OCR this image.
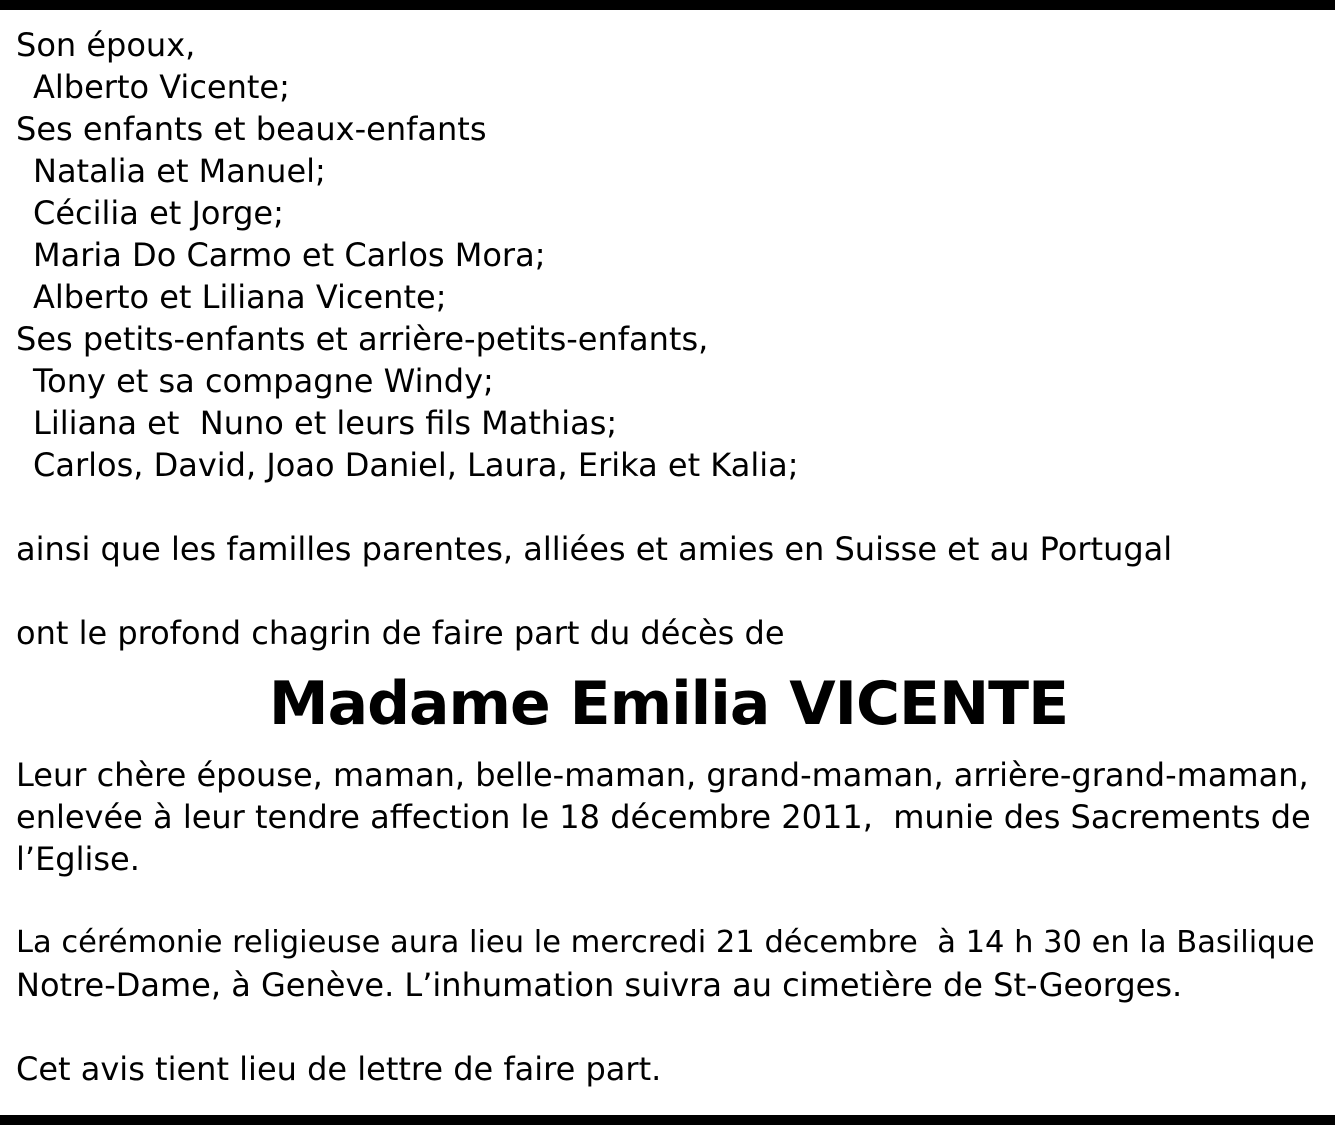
Son époux,
Alberto Vicente;
Ses enfants et beaux-enfants
Natalia et Manuel;
Cécilia et Jorge;
Maria Do Carmo et Carlos Mora;
Alberto et Liliana Vicente;
Ses petits-enfants et arrière-petits-enfants,
Tony et sa compagne Windy;
Liliana et  Nuno et leurs fils Mathias;
Carlos, David, Joao Daniel, Laura, Erika et Kalia;
ainsi que les familles parentes, alliées et amies en Suisse et au Portugal
ont le profond chagrin de faire part du décès de
Madame Emilia VICENTE
Leur chère épouse, maman, belle-maman, grand-maman, arrière-grand-maman,
enlevée à leur tendre affection le 18 décembre 2011,  munie des Sacrements de
l’Eglise.
La cérémonie religieuse aura lieu le mercredi 21 décembre  à 14 h 30 en la Basilique
Notre-Dame, à Genève. L’inhumation suivra au cimetière de St-Georges.
Cet avis tient lieu de lettre de faire part.
